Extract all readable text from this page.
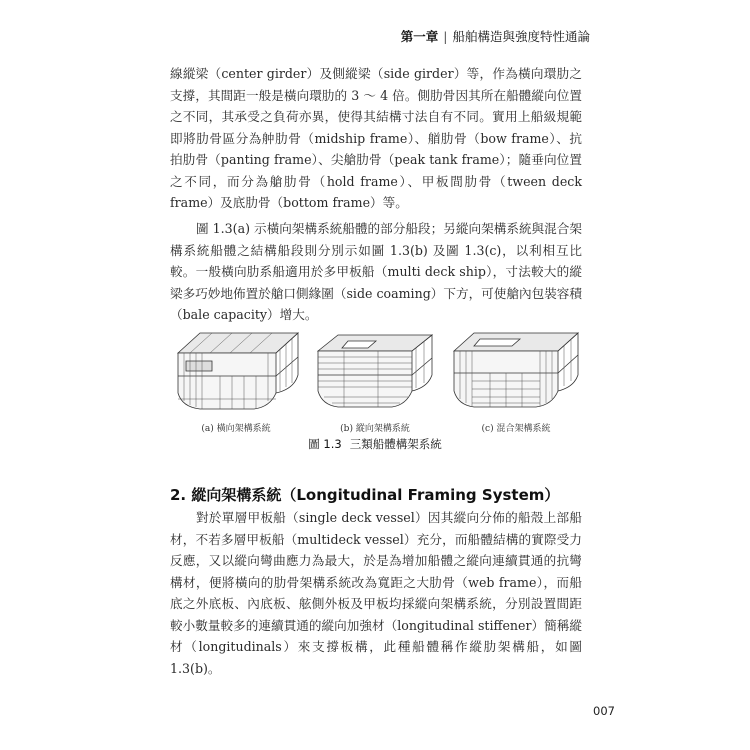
第一章 | 船舶構造與強度特性通論

線縱梁（center girder）及側縱梁（side girder）等，作為橫向環肋之支撐，其間距一般是橫向環肋的 3 ～ 4 倍。側肋骨因其所在船體縱向位置之不同，其承受之負荷亦異，使得其結構寸法自有不同。實用上船級規範即將肋骨區分為舯肋骨（midship frame）、艏肋骨（bow frame）、抗拍肋骨（panting frame）、尖艙肋骨（peak tank frame）；隨垂向位置之不同，而分為艙肋骨（hold frame）、甲板間肋骨（tween deck frame）及底肋骨（bottom frame）等。

圖 1.3(a) 示橫向架構系統船體的部分船段；另縱向架構系統與混合架構系統船體之結構船段則分別示如圖 1.3(b) 及圖 1.3(c)，以利相互比較。一般橫向肋系船適用於多甲板船（multi deck ship），寸法較大的縱梁多巧妙地佈置於艙口側緣圍（side coaming）下方，可使艙內包裝容積（bale capacity）增大。

(a) 橫向架構系統	(b) 縱向架構系統	(c) 混合架構系統
圖 1.3 三類船體構架系統
2. 縱向架構系統（Longitudinal Framing System）

對於單層甲板船（single deck vessel）因其縱向分佈的船殼上部船材，不若多層甲板船（multideck vessel）充分，而船體結構的實際受力反應，又以縱向彎曲應力為最大，於是為增加船體之縱向連續貫通的抗彎構材，便將橫向的肋骨架構系統改為寬距之大肋骨（web frame），而船底之外底板、內底板、舷側外板及甲板均採縱向架構系統，分別設置間距較小數量較多的連續貫通的縱向加強材（longitudinal stiffener）簡稱縱材（longitudinals）來支撐板構，此種船體稱作縱肋架構船，如圖 1.3(b)。

007
